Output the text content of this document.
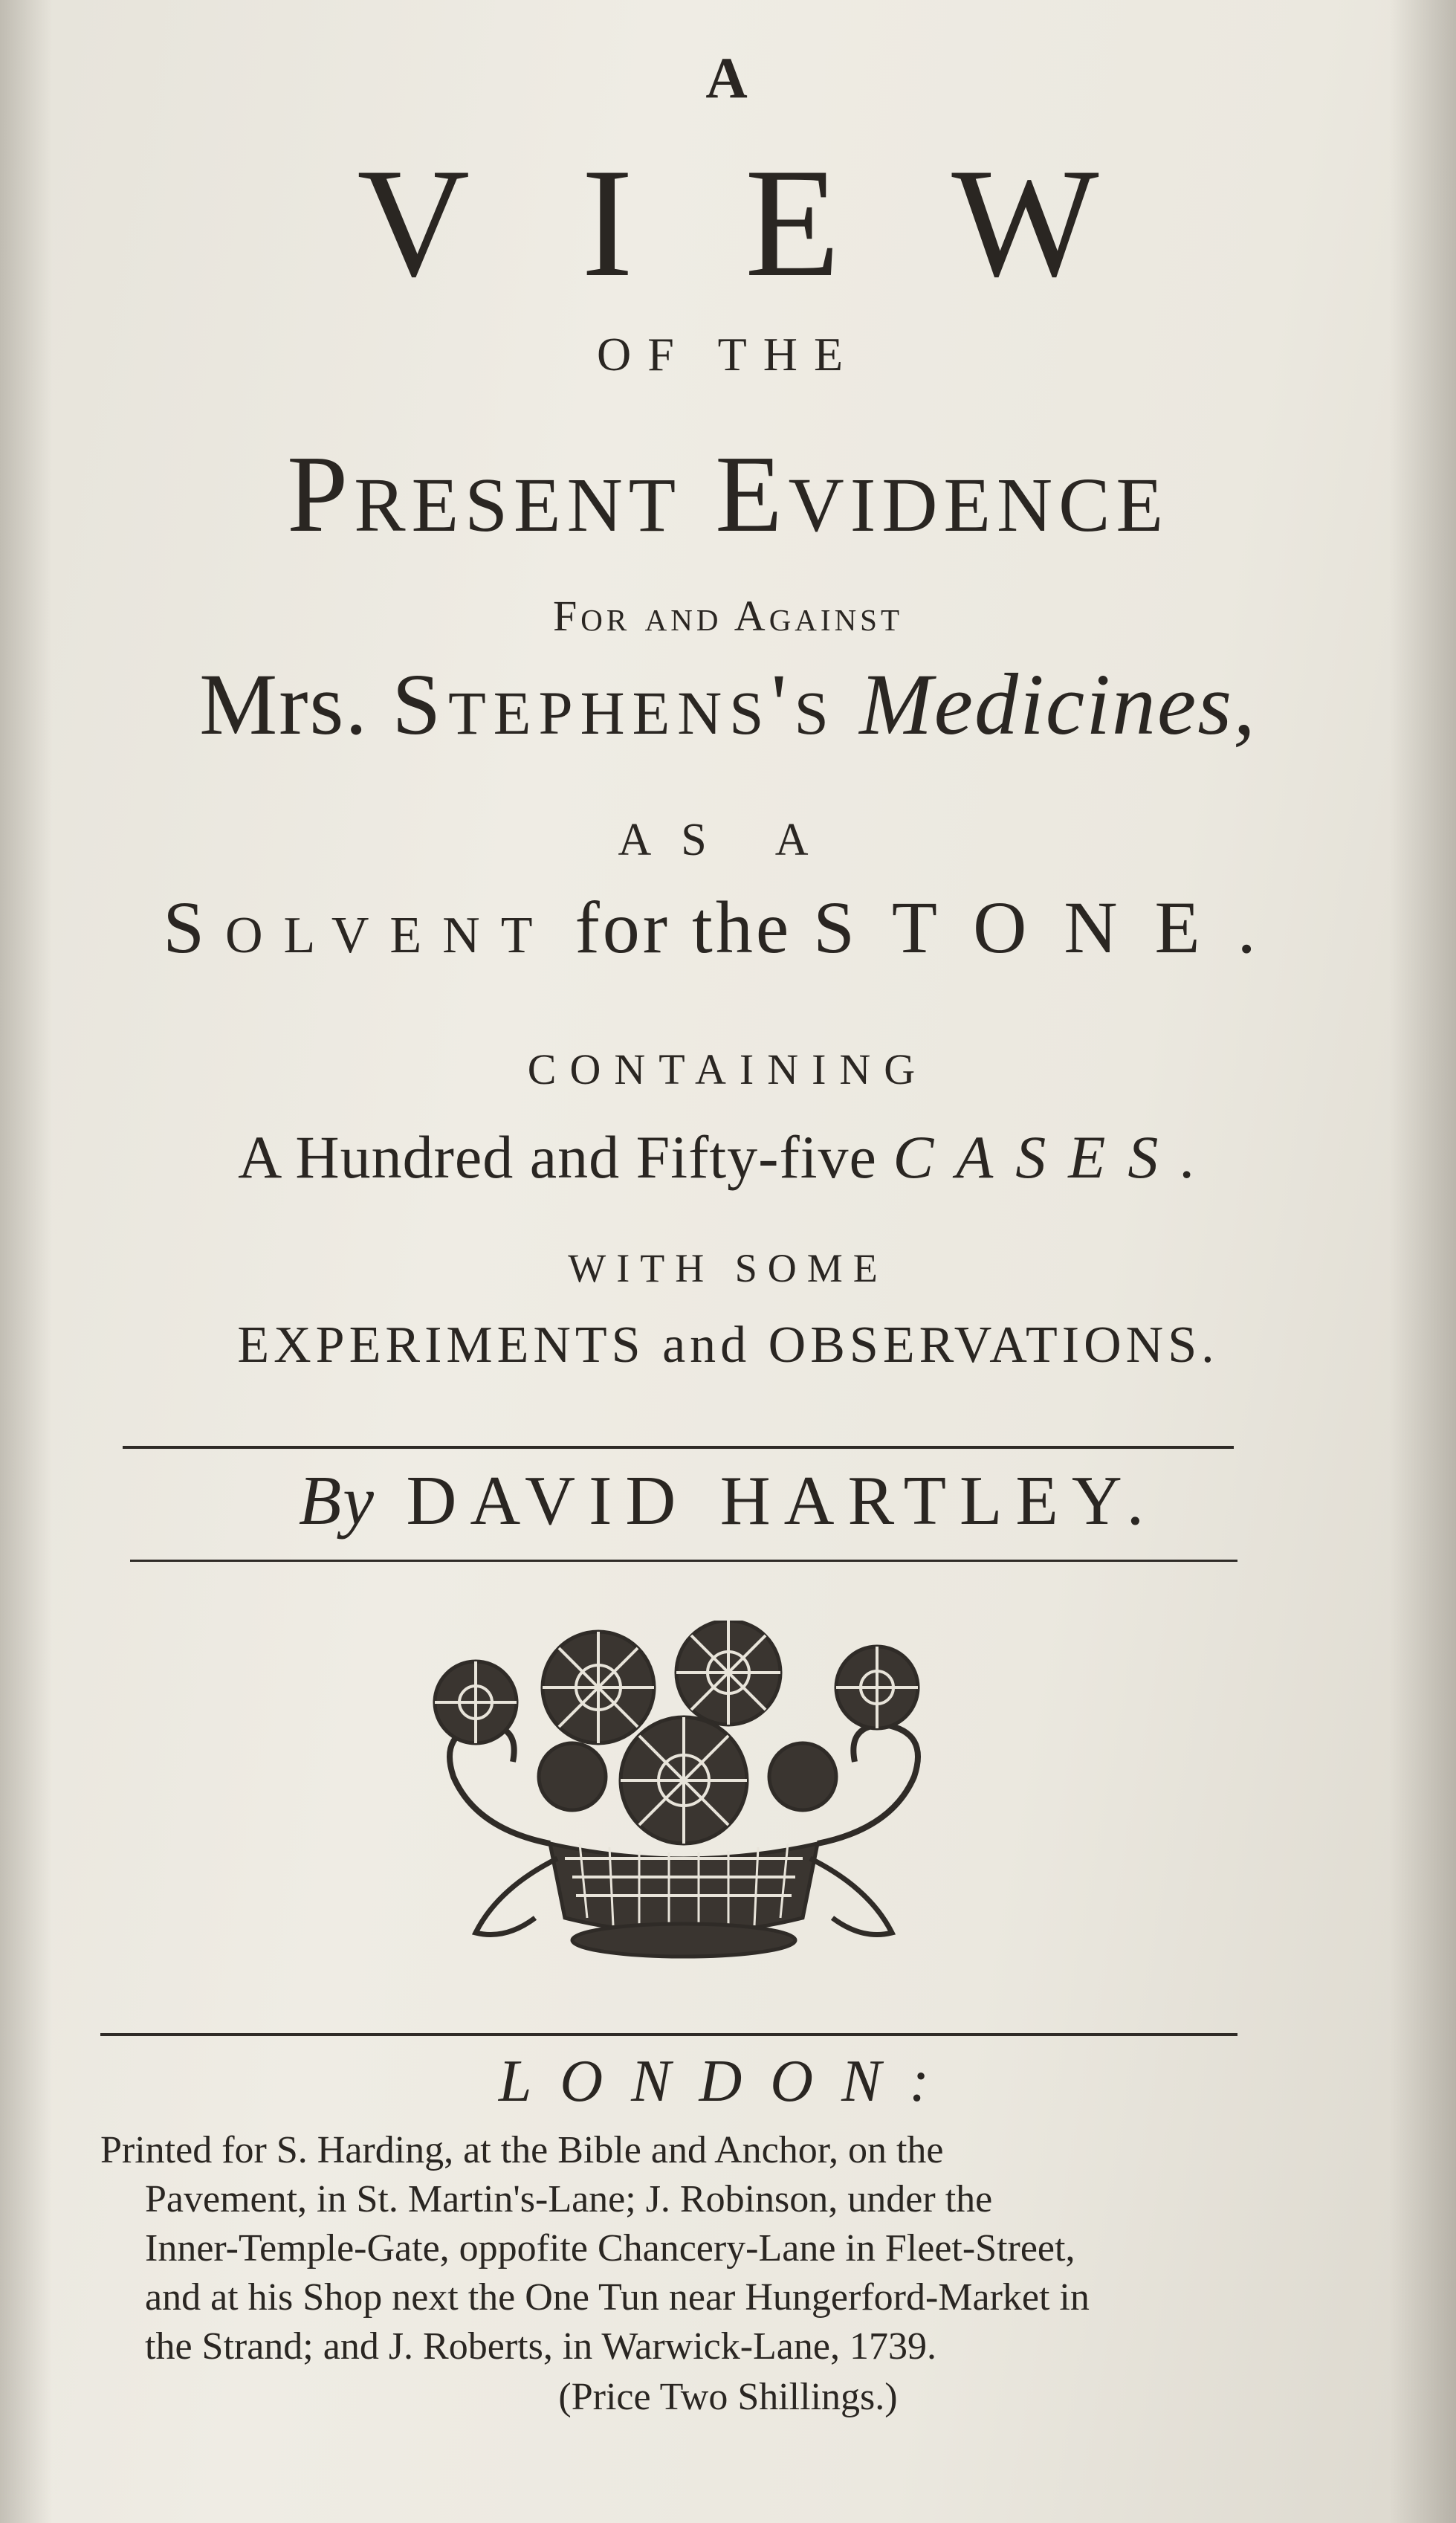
A
VIEW
OF THE
Present Evidence
For and Against
Mrs. Stephens's Medicines,
AS A
Solvent for the STONE.
CONTAINING
A Hundred and Fifty-five CASES.
WITH SOME
EXPERIMENTS and OBSERVATIONS.
By DAVID HARTLEY.
LONDON:
Printed for S. Harding, at the Bible and Anchor, on the
Pavement, in St. Martin's-Lane; J. Robinson, under the
Inner-Temple-Gate, oppofite Chancery-Lane in Fleet-Street,
and at his Shop next the One Tun near Hungerford-Market in
the Strand; and J. Roberts, in Warwick-Lane, 1739.
(Price Two Shillings.)
